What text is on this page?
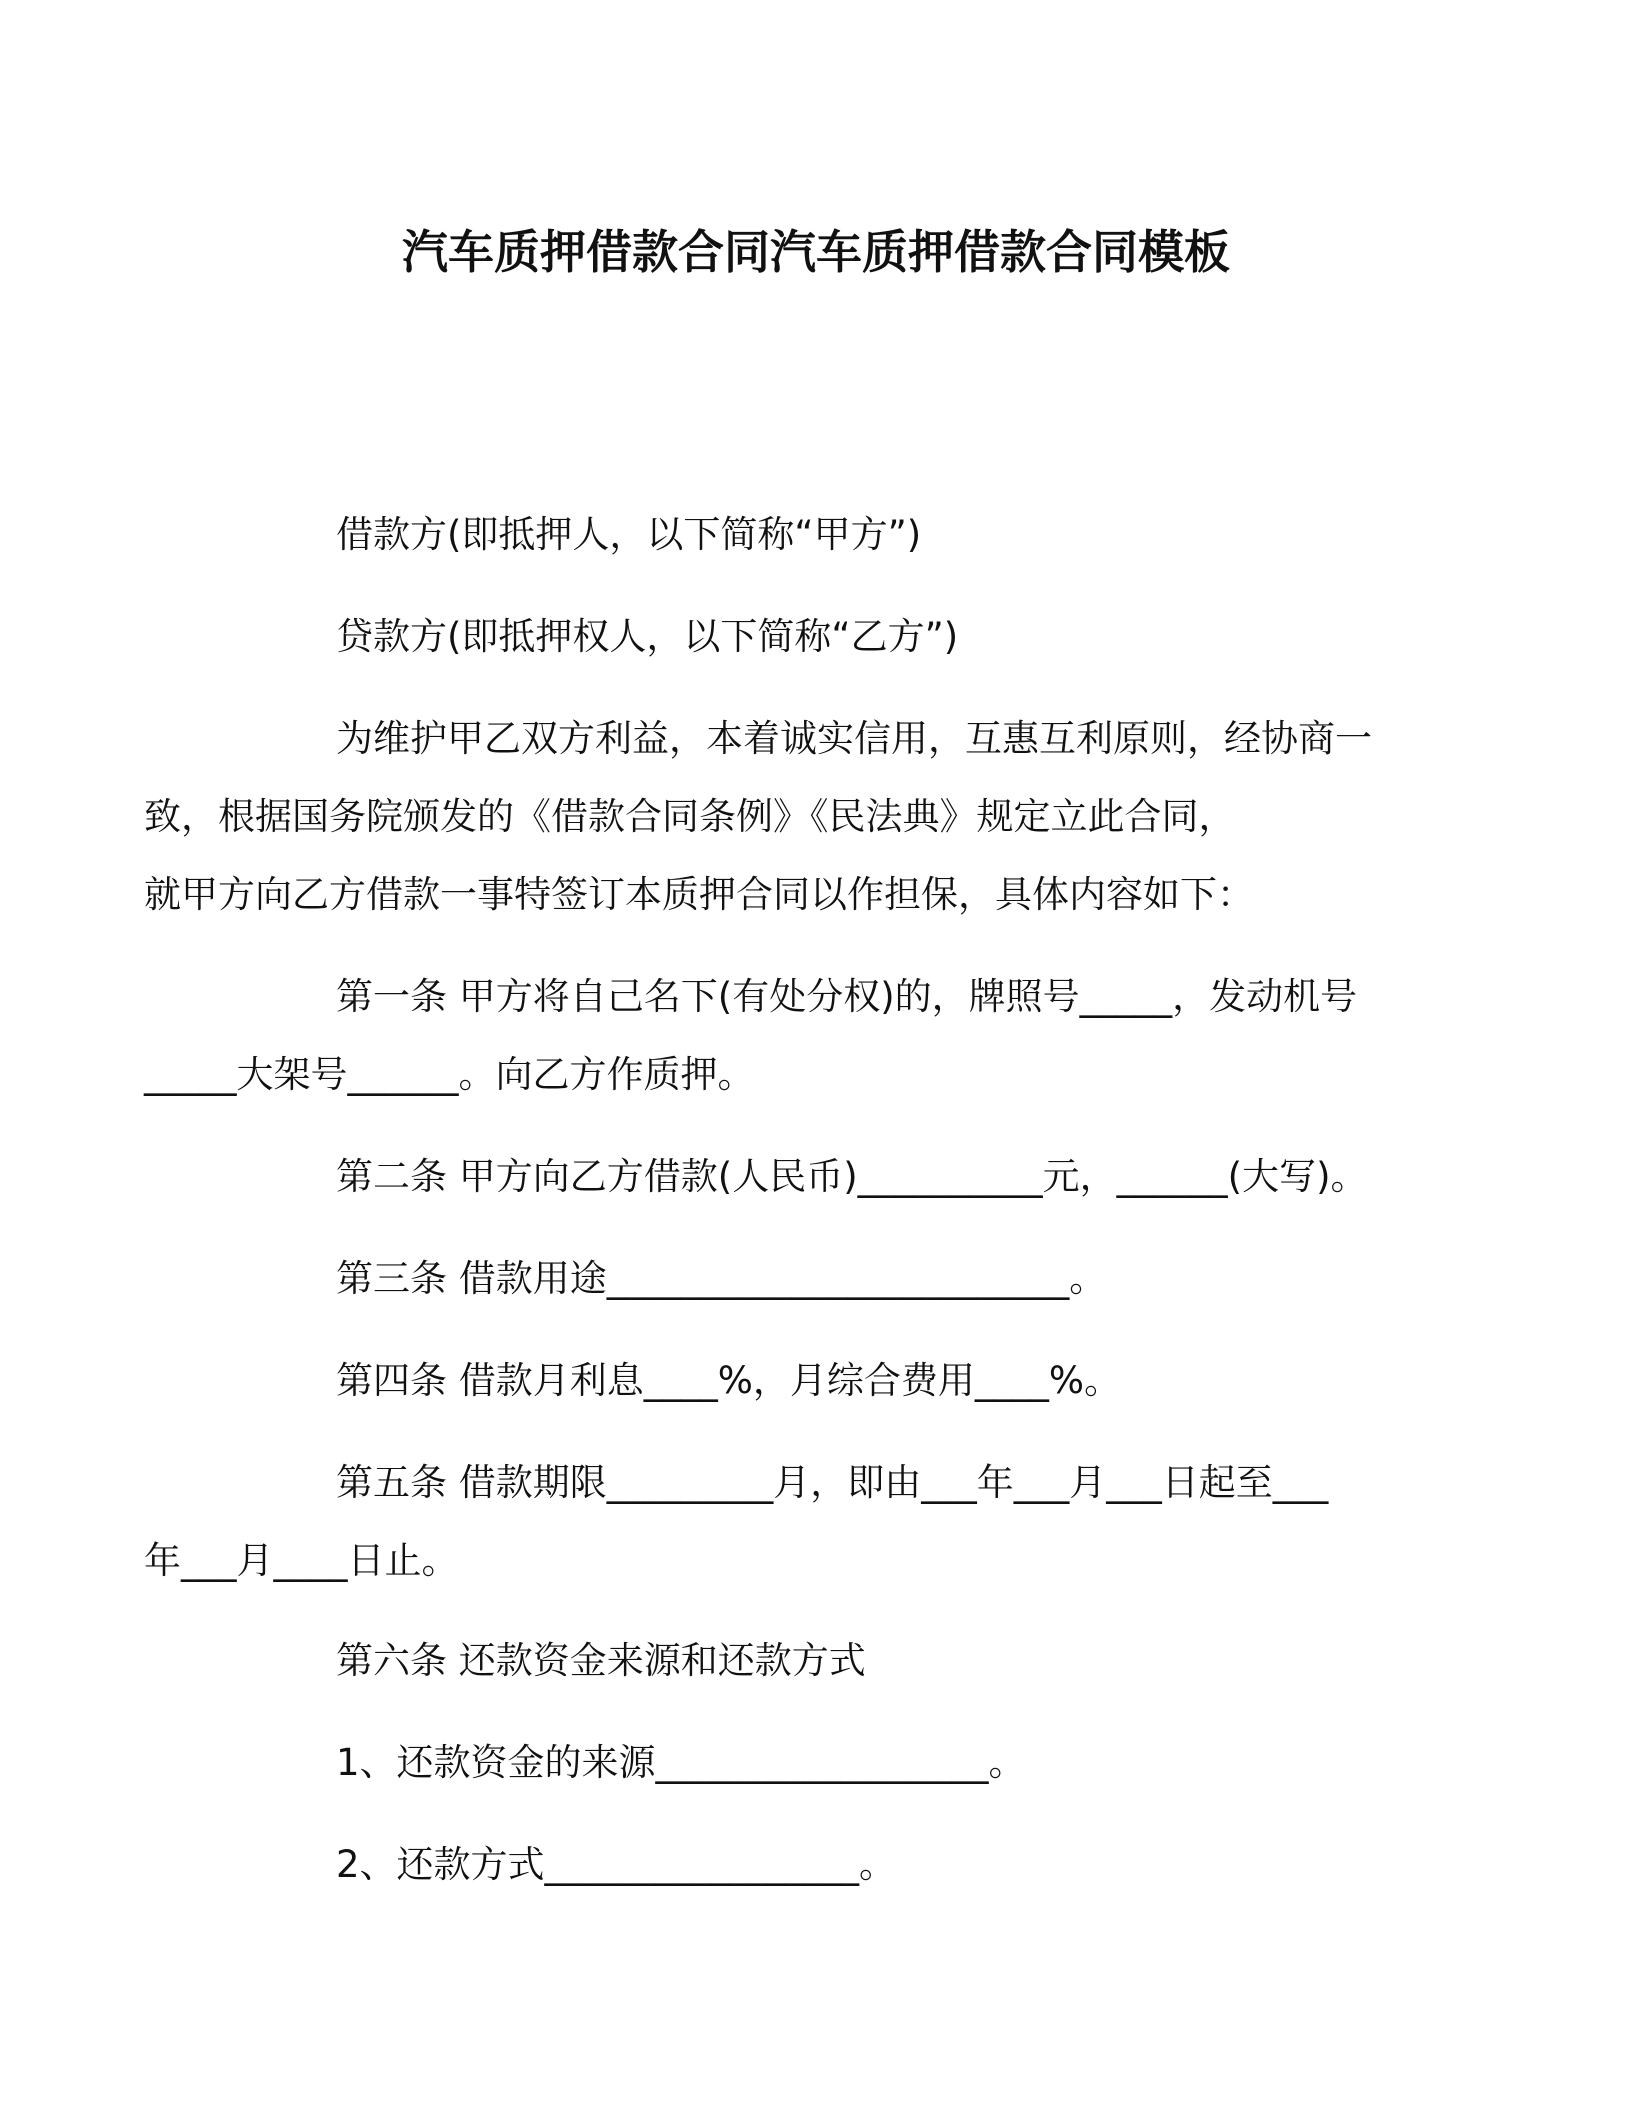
汽车质押借款合同汽车质押借款合同模板

借款方(即抵押人，以下简称“甲方”)

贷款方(即抵押权人，以下简称“乙方”)

为维护甲乙双方利益，本着诚实信用，互惠互利原则，经协商一
致，根据国务院颁发的《借款合同条例》《民法典》规定立此合同，
就甲方向乙方借款一事特签订本质押合同以作担保，具体内容如下：

第一条 甲方将自己名下(有处分权)的，牌照号_____，发动机号
_____大架号______。向乙方作质押。

第二条 甲方向乙方借款(人民币)__________元，______(大写)。

第三条 借款用途_________________________。

第四条 借款月利息____%，月综合费用____%。

第五条 借款期限_________月，即由___年___月___日起至___
年___月____日止。

第六条 还款资金来源和还款方式

1、还款资金的来源__________________。

2、还款方式_________________。
